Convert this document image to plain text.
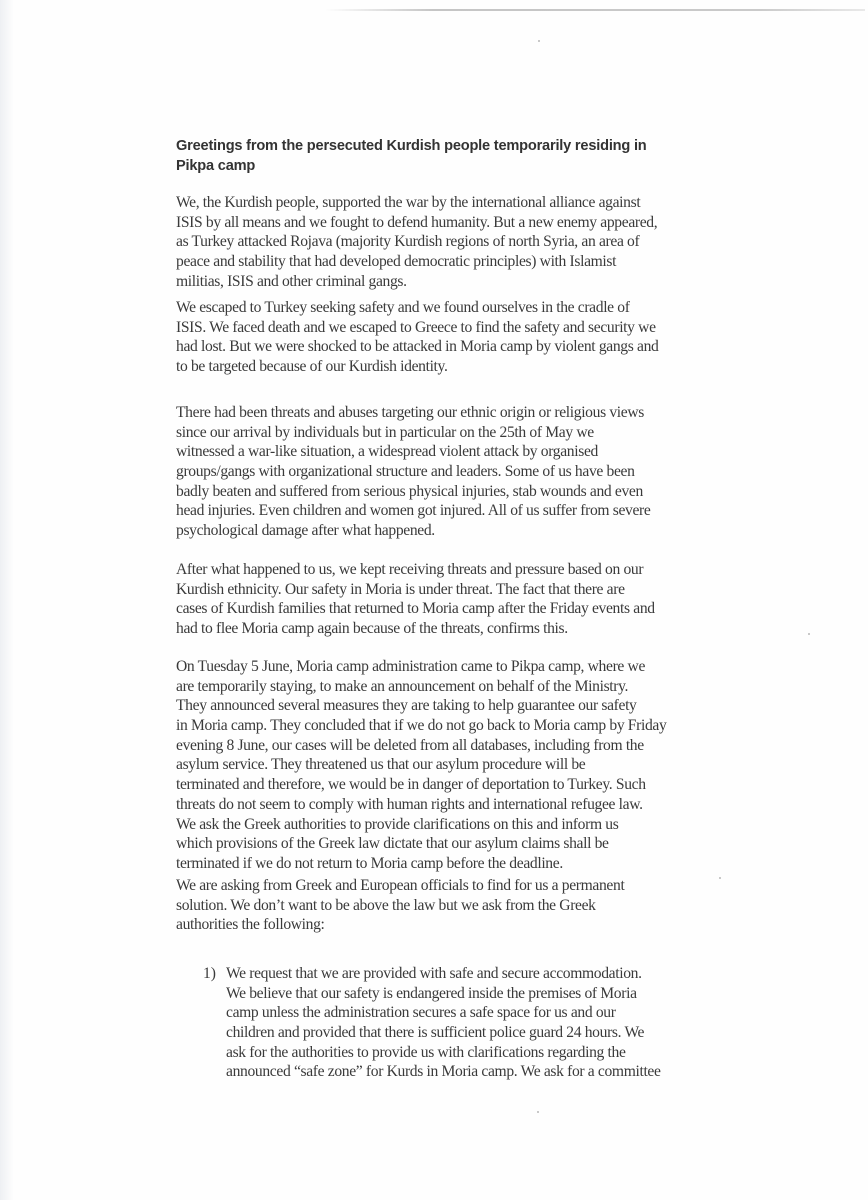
Greetings from the persecuted Kurdish people temporarily residing in
Pikpa camp
We, the Kurdish people, supported the war by the international alliance against
ISIS by all means and we fought to defend humanity. But a new enemy appeared,
as Turkey attacked Rojava (majority Kurdish regions of north Syria, an area of
peace and stability that had developed democratic principles) with Islamist
militias, ISIS and other criminal gangs.
We escaped to Turkey seeking safety and we found ourselves in the cradle of
ISIS. We faced death and we escaped to Greece to find the safety and security we
had lost. But we were shocked to be attacked in Moria camp by violent gangs and
to be targeted because of our Kurdish identity.
There had been threats and abuses targeting our ethnic origin or religious views
since our arrival by individuals but in particular on the 25th of May we
witnessed a war-like situation, a widespread violent attack by organised
groups/gangs with organizational structure and leaders. Some of us have been
badly beaten and suffered from serious physical injuries, stab wounds and even
head injuries. Even children and women got injured. All of us suffer from severe
psychological damage after what happened.
After what happened to us, we kept receiving threats and pressure based on our
Kurdish ethnicity. Our safety in Moria is under threat. The fact that there are
cases of Kurdish families that returned to Moria camp after the Friday events and
had to flee Moria camp again because of the threats, confirms this.
On Tuesday 5 June, Moria camp administration came to Pikpa camp, where we
are temporarily staying, to make an announcement on behalf of the Ministry.
They announced several measures they are taking to help guarantee our safety
in Moria camp. They concluded that if we do not go back to Moria camp by Friday
evening 8 June, our cases will be deleted from all databases, including from the
asylum service. They threatened us that our asylum procedure will be
terminated and therefore, we would be in danger of deportation to Turkey. Such
threats do not seem to comply with human rights and international refugee law.
We ask the Greek authorities to provide clarifications on this and inform us
which provisions of the Greek law dictate that our asylum claims shall be
terminated if we do not return to Moria camp before the deadline.
We are asking from Greek and European officials to find for us a permanent
solution. We don’t want to be above the law but we ask from the Greek
authorities the following:
1) We request that we are provided with safe and secure accommodation.
We believe that our safety is endangered inside the premises of Moria
camp unless the administration secures a safe space for us and our
children and provided that there is sufficient police guard 24 hours. We
ask for the authorities to provide us with clarifications regarding the
announced “safe zone” for Kurds in Moria camp. We ask for a committee
